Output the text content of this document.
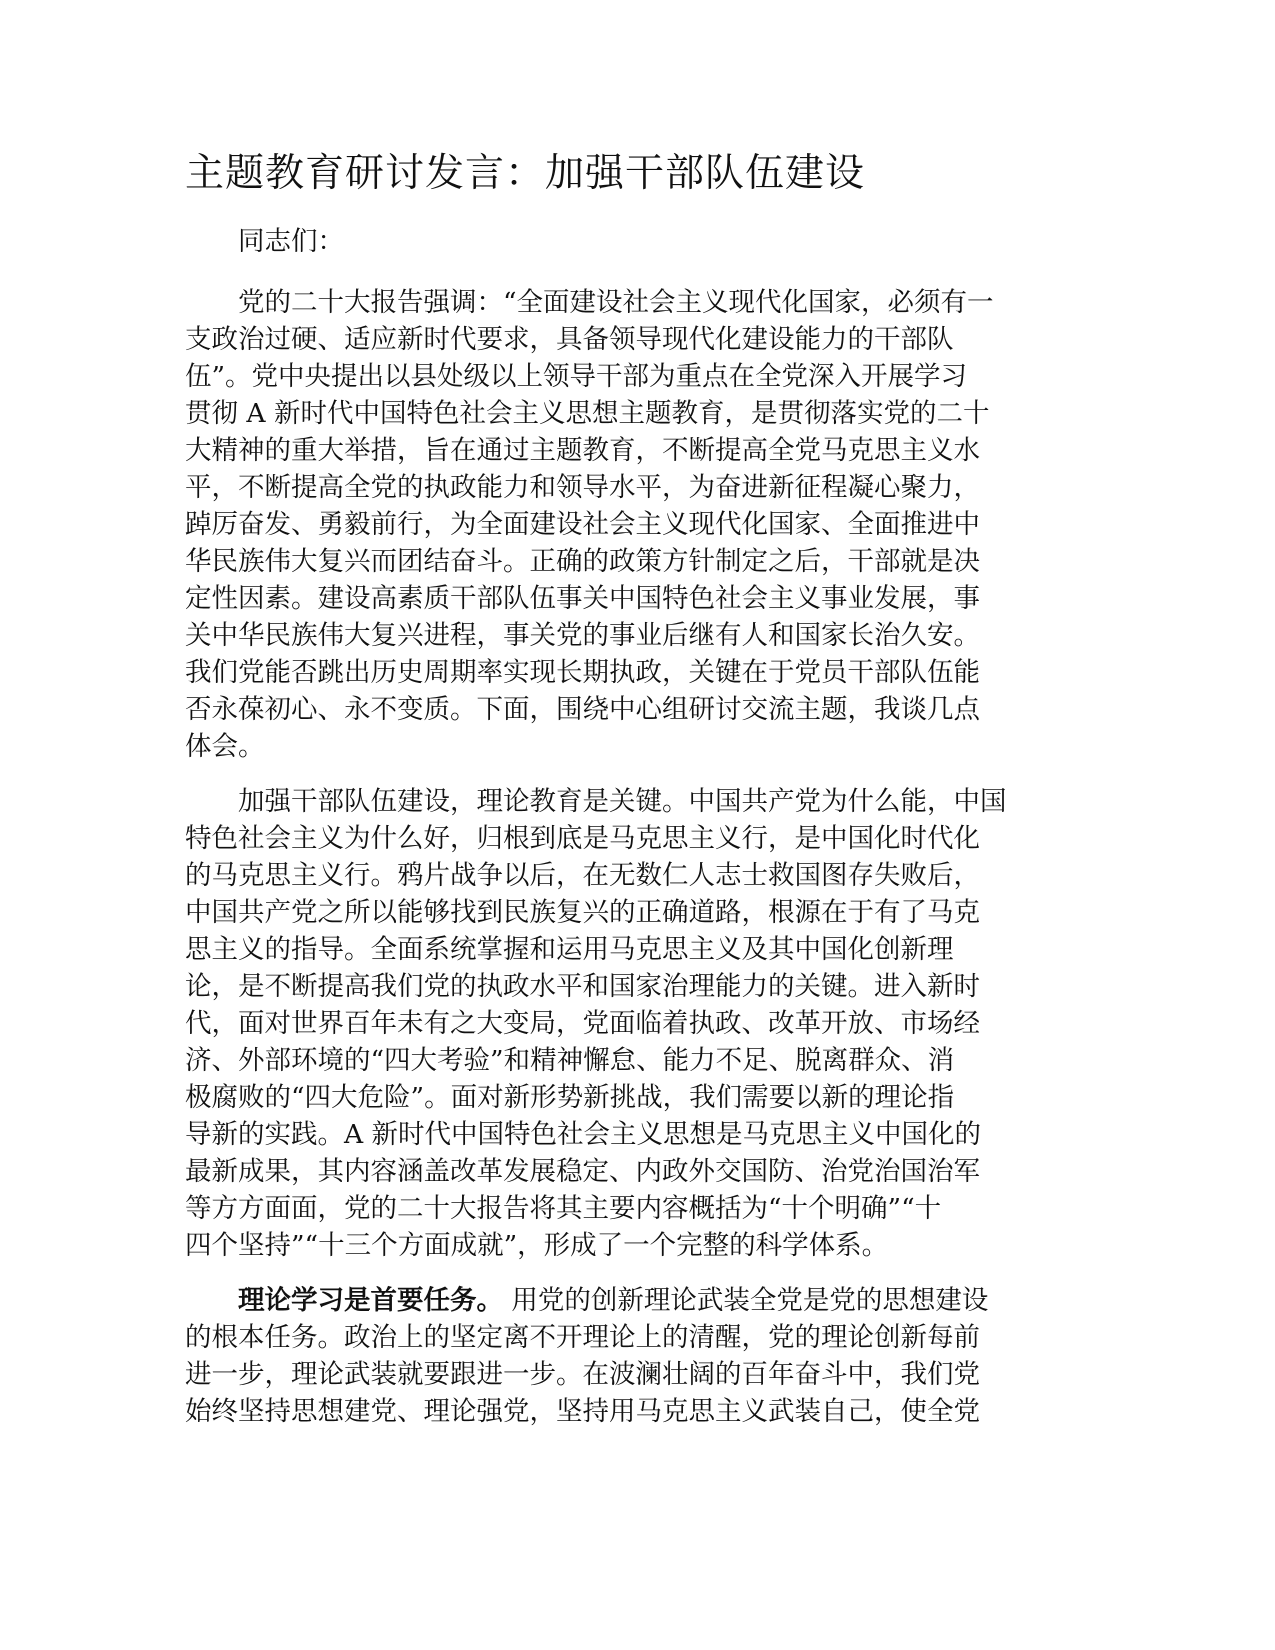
主题教育研讨发言：加强干部队伍建设

同志们：

党的二十大报告强调：“全面建设社会主义现代化国家，必须有一
支政治过硬、适应新时代要求，具备领导现代化建设能力的干部队
伍”。党中央提出以县处级以上领导干部为重点在全党深入开展学习
贯彻 A 新时代中国特色社会主义思想主题教育，是贯彻落实党的二十
大精神的重大举措，旨在通过主题教育，不断提高全党马克思主义水
平，不断提高全党的执政能力和领导水平，为奋进新征程凝心聚力，
踔厉奋发、勇毅前行，为全面建设社会主义现代化国家、全面推进中
华民族伟大复兴而团结奋斗。正确的政策方针制定之后，干部就是决
定性因素。建设高素质干部队伍事关中国特色社会主义事业发展，事
关中华民族伟大复兴进程，事关党的事业后继有人和国家长治久安。
我们党能否跳出历史周期率实现长期执政，关键在于党员干部队伍能
否永葆初心、永不变质。下面，围绕中心组研讨交流主题，我谈几点
体会。

加强干部队伍建设，理论教育是关键。中国共产党为什么能，中国
特色社会主义为什么好，归根到底是马克思主义行，是中国化时代化
的马克思主义行。鸦片战争以后，在无数仁人志士救国图存失败后，
中国共产党之所以能够找到民族复兴的正确道路，根源在于有了马克
思主义的指导。全面系统掌握和运用马克思主义及其中国化创新理
论，是不断提高我们党的执政水平和国家治理能力的关键。进入新时
代，面对世界百年未有之大变局，党面临着执政、改革开放、市场经
济、外部环境的“四大考验”和精神懈怠、能力不足、脱离群众、消
极腐败的“四大危险”。面对新形势新挑战，我们需要以新的理论指
导新的实践。A 新时代中国特色社会主义思想是马克思主义中国化的
最新成果，其内容涵盖改革发展稳定、内政外交国防、治党治国治军
等方方面面，党的二十大报告将其主要内容概括为“十个明确”“十
四个坚持”“十三个方面成就”，形成了一个完整的科学体系。

理论学习是首要任务。 用党的创新理论武装全党是党的思想建设
的根本任务。政治上的坚定离不开理论上的清醒，党的理论创新每前
进一步，理论武装就要跟进一步。在波澜壮阔的百年奋斗中，我们党
始终坚持思想建党、理论强党，坚持用马克思主义武装自己，使全党
